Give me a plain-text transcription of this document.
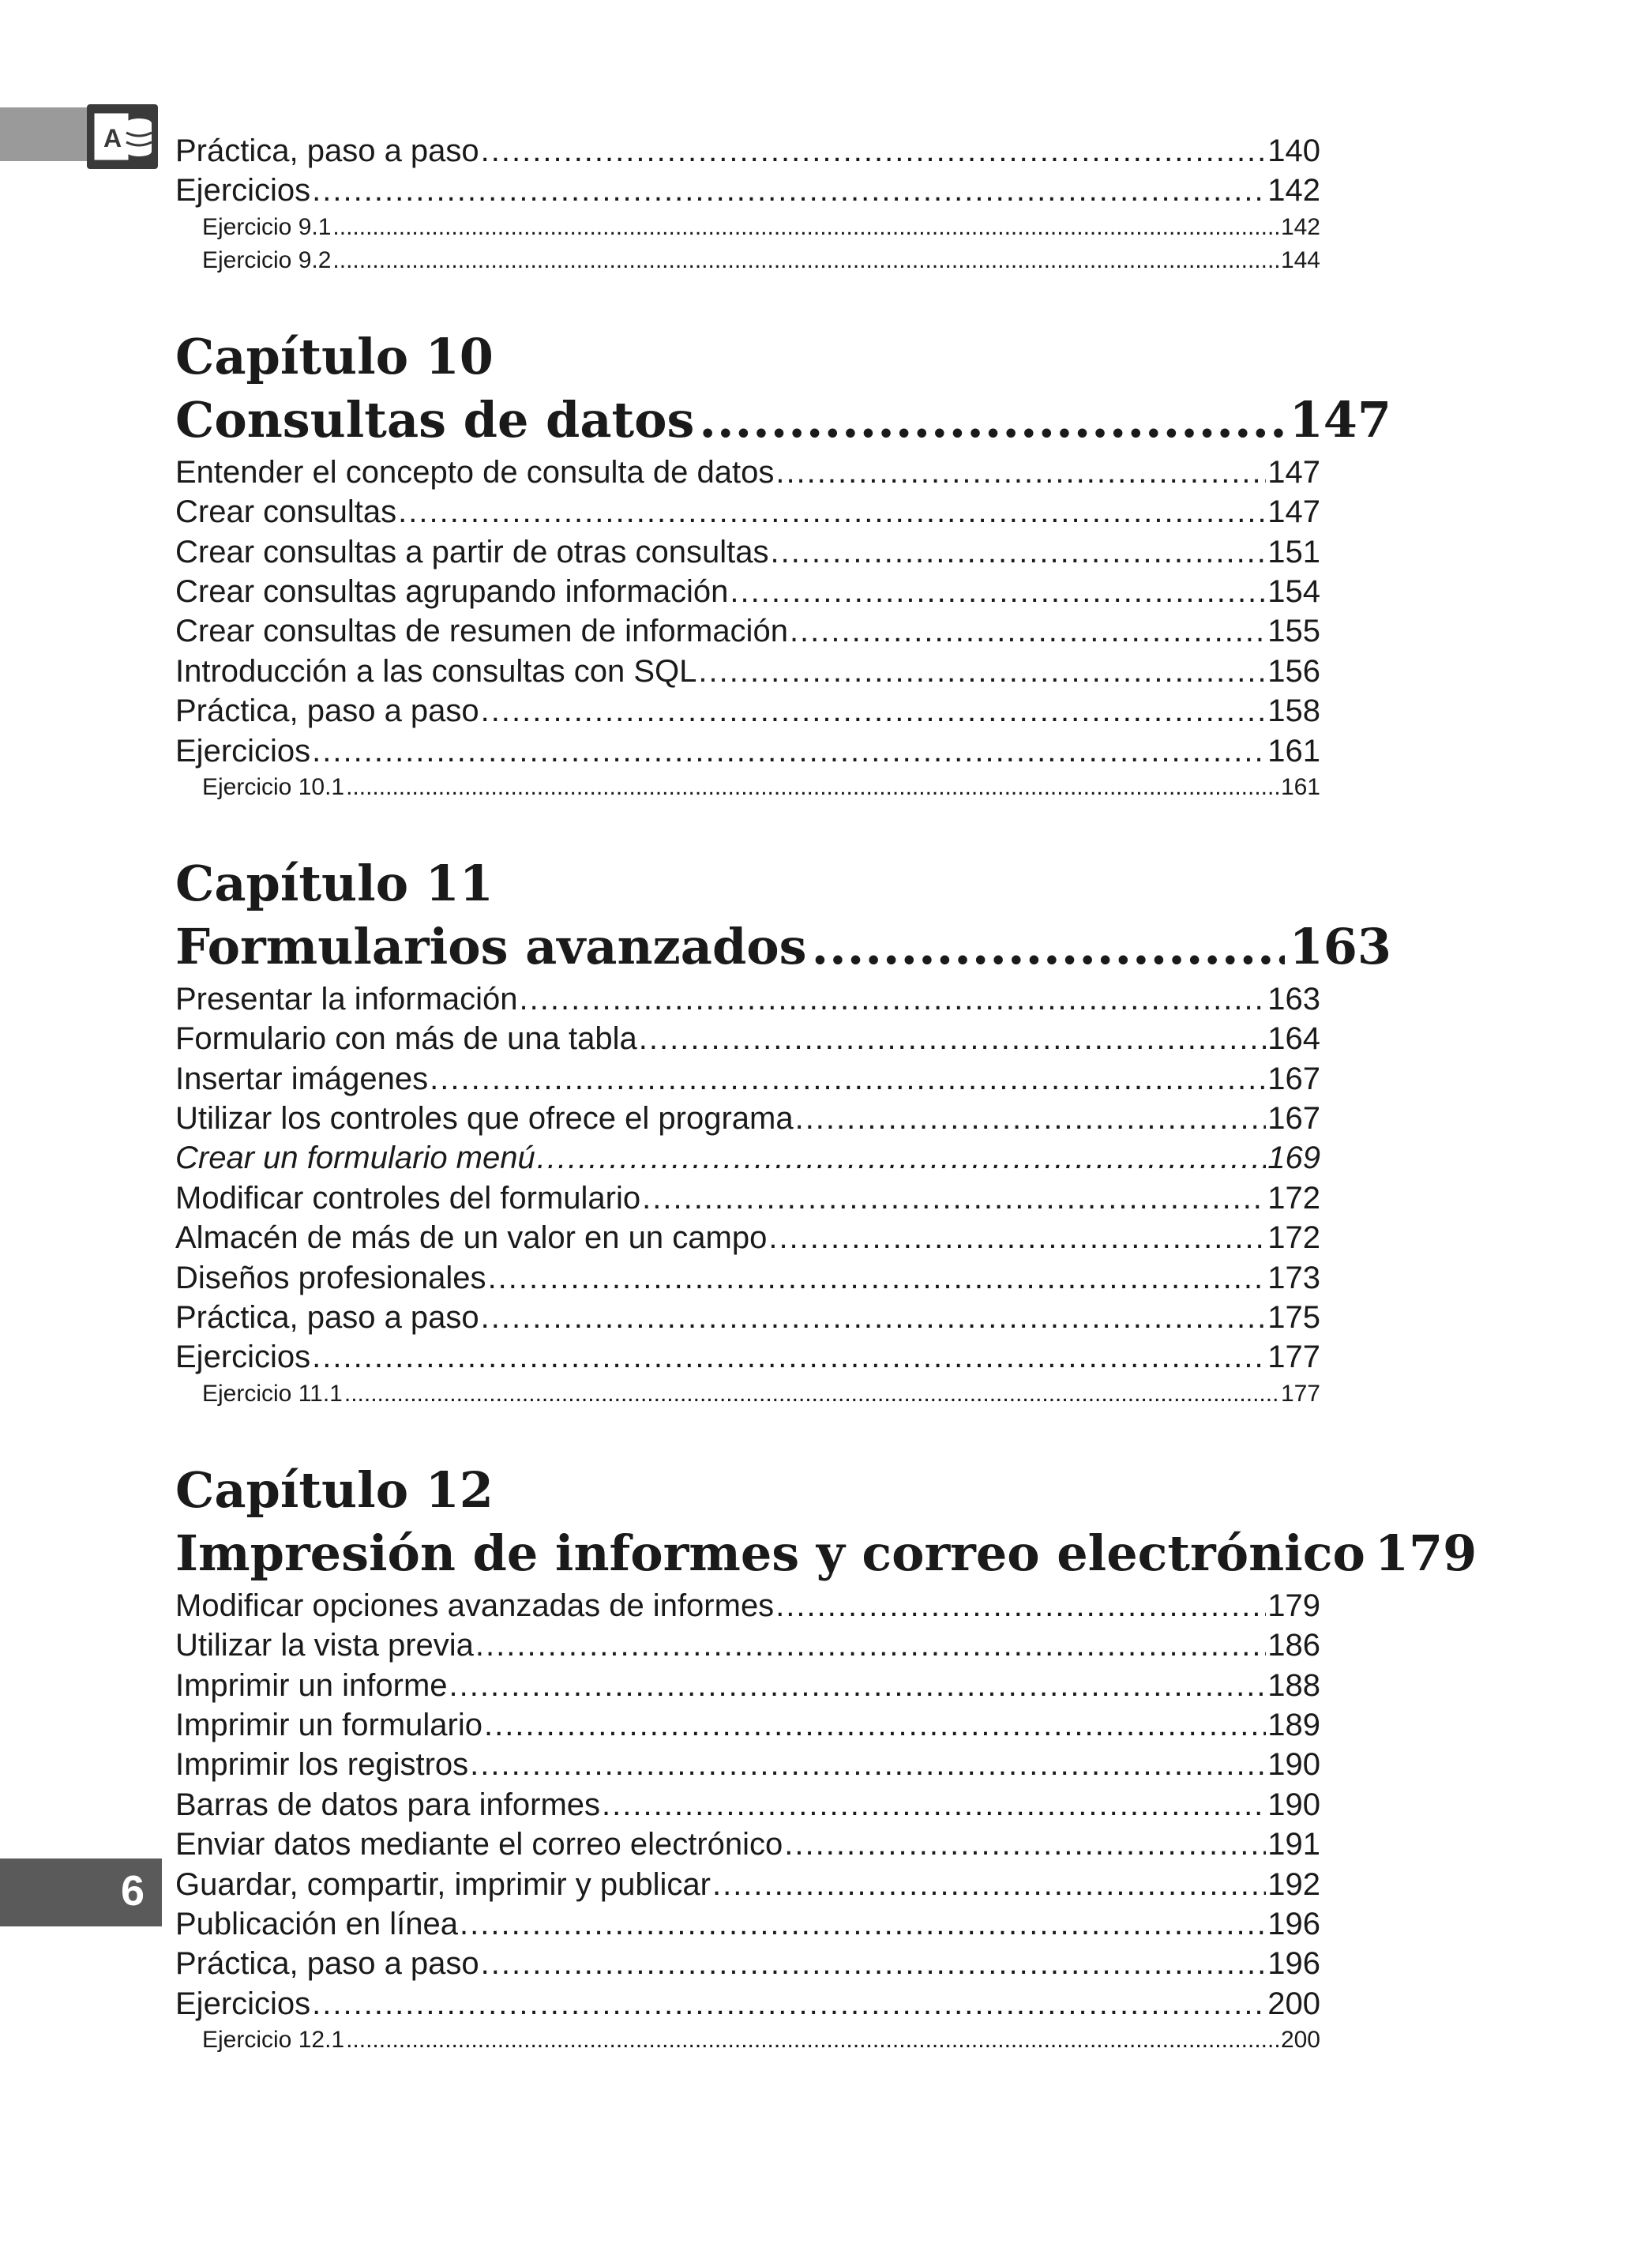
A
6
Práctica, paso a paso .....	140
Ejercicios .....	142
Ejercicio 9.1 .....	142
Ejercicio 9.2 .....	144
Capítulo 10
Consultas de datos .....	147
Entender el concepto de consulta de datos .....	147
Crear consultas .....	147
Crear consultas a partir de otras consultas .....	151
Crear consultas agrupando información .....	154
Crear consultas de resumen de información .....	155
Introducción a las consultas con SQL .....	156
Práctica, paso a paso .....	158
Ejercicios .....	161
Ejercicio 10.1 .....	161
Capítulo 11
Formularios avanzados .....	163
Presentar la información .....	163
Formulario con más de una tabla .....	164
Insertar imágenes .....	167
Utilizar los controles que ofrece el programa .....	167
Crear un formulario menú .....	169
Modificar controles del formulario .....	172
Almacén de más de un valor en un campo .....	172
Diseños profesionales .....	173
Práctica, paso a paso .....	175
Ejercicios .....	177
Ejercicio 11.1 .....	177
Capítulo 12
Impresión de informes y correo electrónico 179
Modificar opciones avanzadas de informes .....	179
Utilizar la vista previa .....	186
Imprimir un informe .....	188
Imprimir un formulario .....	189
Imprimir los registros .....	190
Barras de datos para informes .....	190
Enviar datos mediante el correo electrónico .....	191
Guardar, compartir, imprimir y publicar .....	192
Publicación en línea .....	196
Práctica, paso a paso .....	196
Ejercicios .....	200
Ejercicio 12.1 .....	200
